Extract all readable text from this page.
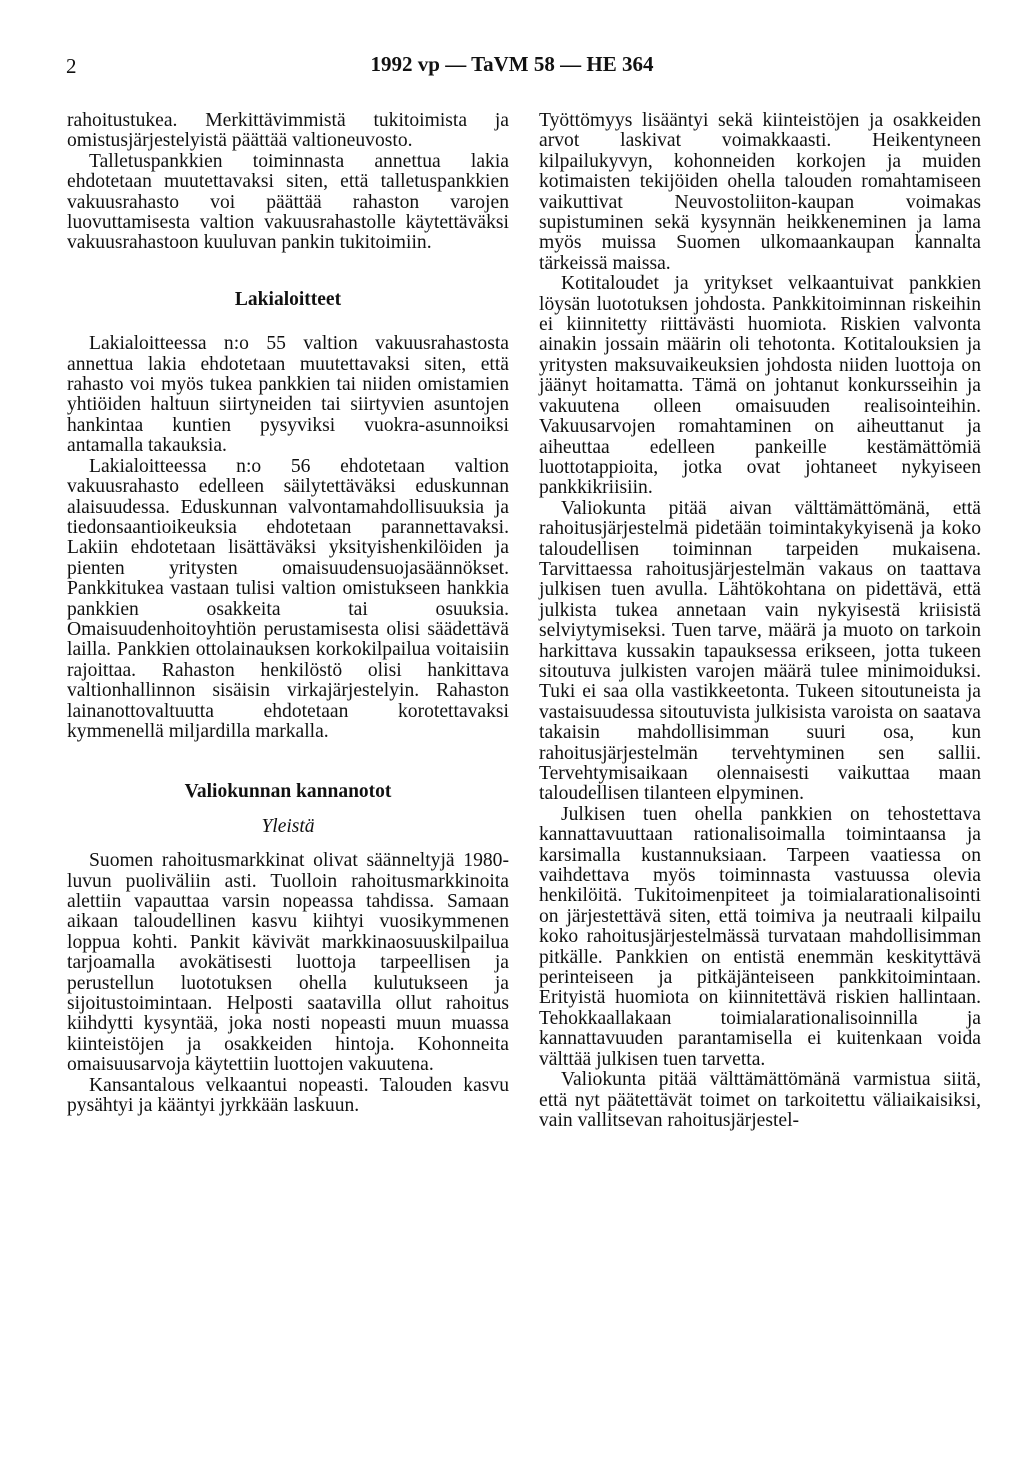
2	1992 vp — TaVM 58 — HE 364

rahoitustukea. Merkittävimmistä tukitoimista ja omistusjärjestelyistä päättää valtioneuvosto.

Talletuspankkien toiminnasta annettua lakia ehdotetaan muutettavaksi siten, että talletuspankkien vakuusrahasto voi päättää rahaston varojen luovuttamisesta valtion vakuusrahastolle käytettäväksi vakuusrahastoon kuuluvan pankin tukitoimiin.

Lakialoitteet

Lakialoitteessa n:o 55 valtion vakuusrahastosta annettua lakia ehdotetaan muutettavaksi siten, että rahasto voi myös tukea pankkien tai niiden omistamien yhtiöiden haltuun siirtyneiden tai siirtyvien asuntojen hankintaa kuntien pysyviksi vuokra-asunnoiksi antamalla takauksia.

Lakialoitteessa n:o 56 ehdotetaan valtion vakuusrahasto edelleen säilytettäväksi eduskunnan alaisuudessa. Eduskunnan valvontamahdollisuuksia ja tiedonsaantioikeuksia ehdotetaan parannettavaksi. Lakiin ehdotetaan lisättäväksi yksityishenkilöiden ja pienten yritysten omaisuudensuojasäännökset. Pankkitukea vastaan tulisi valtion omistukseen hankkia pankkien osakkeita tai osuuksia. Omaisuudenhoitoyhtiön perustamisesta olisi säädettävä lailla. Pankkien ottolainauksen korkokilpailua voitaisiin rajoittaa. Rahaston henkilöstö olisi hankittava valtionhallinnon sisäisin virkajärjestelyin. Rahaston lainanottovaltuutta ehdotetaan korotettavaksi kymmenellä miljardilla markalla.

Valiokunnan kannanotot
Yleistä

Suomen rahoitusmarkkinat olivat säänneltyjä 1980-luvun puoliväliin asti. Tuolloin rahoitusmarkkinoita alettiin vapauttaa varsin nopeassa tahdissa. Samaan aikaan taloudellinen kasvu kiihtyi vuosikymmenen loppua kohti. Pankit kävivät markkinaosuuskilpailua tarjoamalla avokätisesti luottoja tarpeellisen ja perustellun luototuksen ohella kulutukseen ja sijoitustoimintaan. Helposti saatavilla ollut rahoitus kiihdytti kysyntää, joka nosti nopeasti muun muassa kiinteistöjen ja osakkeiden hintoja. Kohonneita omaisuusarvoja käytettiin luottojen vakuutena.

Kansantalous velkaantui nopeasti. Talouden kasvu pysähtyi ja kääntyi jyrkkään laskuun.

Työttömyys lisääntyi sekä kiinteistöjen ja osakkeiden arvot laskivat voimakkaasti. Heikentyneen kilpailukyvyn, kohonneiden korkojen ja muiden kotimaisten tekijöiden ohella talouden romahtamiseen vaikuttivat Neuvostoliiton-kaupan voimakas supistuminen sekä kysynnän heikkeneminen ja lama myös muissa Suomen ulkomaankaupan kannalta tärkeissä maissa.

Kotitaloudet ja yritykset velkaantuivat pankkien löysän luototuksen johdosta. Pankkitoiminnan riskeihin ei kiinnitetty riittävästi huomiota. Riskien valvonta ainakin jossain määrin oli tehotonta. Kotitalouksien ja yritysten maksuvaikeuksien johdosta niiden luottoja on jäänyt hoitamatta. Tämä on johtanut konkursseihin ja vakuutena olleen omaisuuden realisointeihin. Vakuusarvojen romahtaminen on aiheuttanut ja aiheuttaa edelleen pankeille kestämättömiä luottotappioita, jotka ovat johtaneet nykyiseen pankkikriisiin.

Valiokunta pitää aivan välttämättömänä, että rahoitusjärjestelmä pidetään toimintakykyisenä ja koko taloudellisen toiminnan tarpeiden mukaisena. Tarvittaessa rahoitusjärjestelmän vakaus on taattava julkisen tuen avulla. Lähtökohtana on pidettävä, että julkista tukea annetaan vain nykyisestä kriisistä selviytymiseksi. Tuen tarve, määrä ja muoto on tarkoin harkittava kussakin tapauksessa erikseen, jotta tukeen sitoutuva julkisten varojen määrä tulee minimoiduksi. Tuki ei saa olla vastikkeetonta. Tukeen sitoutuneista ja vastaisuudessa sitoutuvista julkisista varoista on saatava takaisin mahdollisimman suuri osa, kun rahoitusjärjestelmän tervehtyminen sen sallii. Tervehtymisaikaan olennaisesti vaikuttaa maan taloudellisen tilanteen elpyminen.

Julkisen tuen ohella pankkien on tehostettava kannattavuuttaan rationalisoimalla toimintaansa ja karsimalla kustannuksiaan. Tarpeen vaatiessa on vaihdettava myös toiminnasta vastuussa olevia henkilöitä. Tukitoimenpiteet ja toimialarationalisointi on järjestettävä siten, että toimiva ja neutraali kilpailu koko rahoitusjärjestelmässä turvataan mahdollisimman pitkälle. Pankkien on entistä enemmän keskityttävä perinteiseen ja pitkäjänteiseen pankkitoimintaan. Erityistä huomiota on kiinnitettävä riskien hallintaan. Tehokkaallakaan toimialarationalisoinnilla ja kannattavuuden parantamisella ei kuitenkaan voida välttää julkisen tuen tarvetta.

Valiokunta pitää välttämättömänä varmistua siitä, että nyt päätettävät toimet on tarkoitettu väliaikaisiksi, vain vallitsevan rahoitusjärjestel-
